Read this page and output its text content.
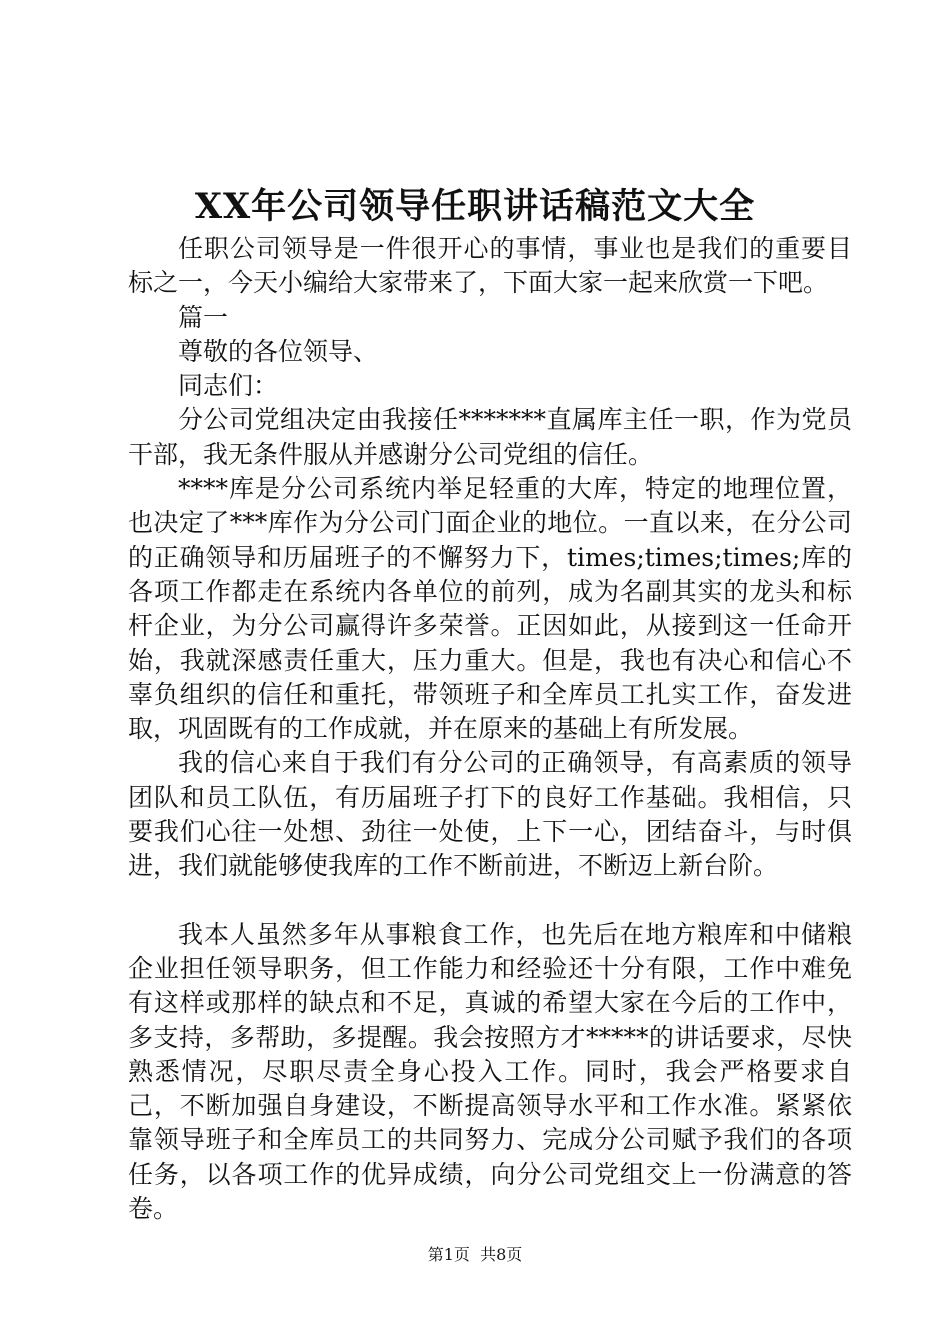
XX年公司领导任职讲话稿范文大全

任职公司领导是一件很开心的事情，事业也是我们的重要目标之一，今天小编给大家带来了，下面大家一起来欣赏一下吧。

篇一

尊敬的各位领导、

同志们：

分公司党组决定由我接任*******直属库主任一职，作为党员干部，我无条件服从并感谢分公司党组的信任。

****库是分公司系统内举足轻重的大库，特定的地理位置，也决定了***库作为分公司门面企业的地位。一直以来，在分公司的正确领导和历届班子的不懈努力下，times;times;times;库的各项工作都走在系统内各单位的前列，成为名副其实的龙头和标杆企业，为分公司赢得许多荣誉。正因如此，从接到这一任命开始，我就深感责任重大，压力重大。但是，我也有决心和信心不辜负组织的信任和重托，带领班子和全库员工扎实工作，奋发进取，巩固既有的工作成就，并在原来的基础上有所发展。

我的信心来自于我们有分公司的正确领导，有高素质的领导团队和员工队伍，有历届班子打下的良好工作基础。我相信，只要我们心往一处想、劲往一处使，上下一心，团结奋斗，与时俱进，我们就能够使我库的工作不断前进，不断迈上新台阶。

我本人虽然多年从事粮食工作，也先后在地方粮库和中储粮企业担任领导职务，但工作能力和经验还十分有限，工作中难免有这样或那样的缺点和不足，真诚的希望大家在今后的工作中，多支持，多帮助，多提醒。我会按照方才*****的讲话要求，尽快熟悉情况，尽职尽责全身心投入工作。同时，我会严格要求自己，不断加强自身建设，不断提高领导水平和工作水准。紧紧依靠领导班子和全库员工的共同努力、完成分公司赋予我们的各项任务，以各项工作的优异成绩，向分公司党组交上一份满意的答卷。

第1页  共8页
